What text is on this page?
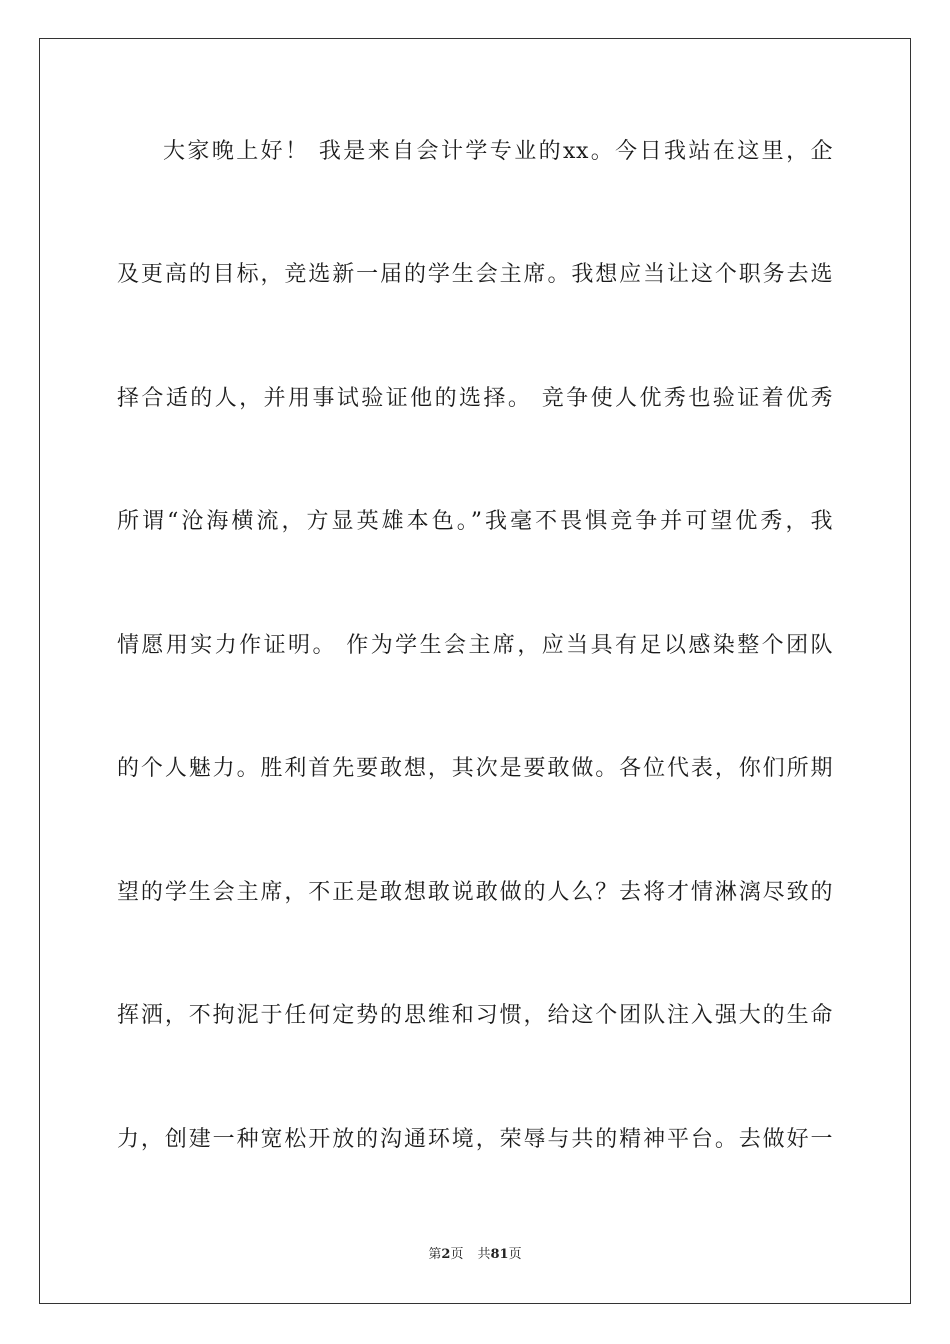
大家晚上好！ 我是来自会计学专业的xx。今日我站在这里，企
及更高的目标，竞选新一届的学生会主席。我想应当让这个职务去选
择合适的人，并用事试验证他的选择。 竞争使人优秀也验证着优秀
所谓“沧海横流，方显英雄本色。”我毫不畏惧竞争并可望优秀，我
情愿用实力作证明。 作为学生会主席，应当具有足以感染整个团队
的个人魅力。胜利首先要敢想，其次是要敢做。各位代表，你们所期
望的学生会主席，不正是敢想敢说敢做的人么？去将才情淋漓尽致的
挥洒，不拘泥于任何定势的思维和习惯，给这个团队注入强大的生命
力，创建一种宽松开放的沟通环境，荣辱与共的精神平台。去做好一
第2页 共81页
